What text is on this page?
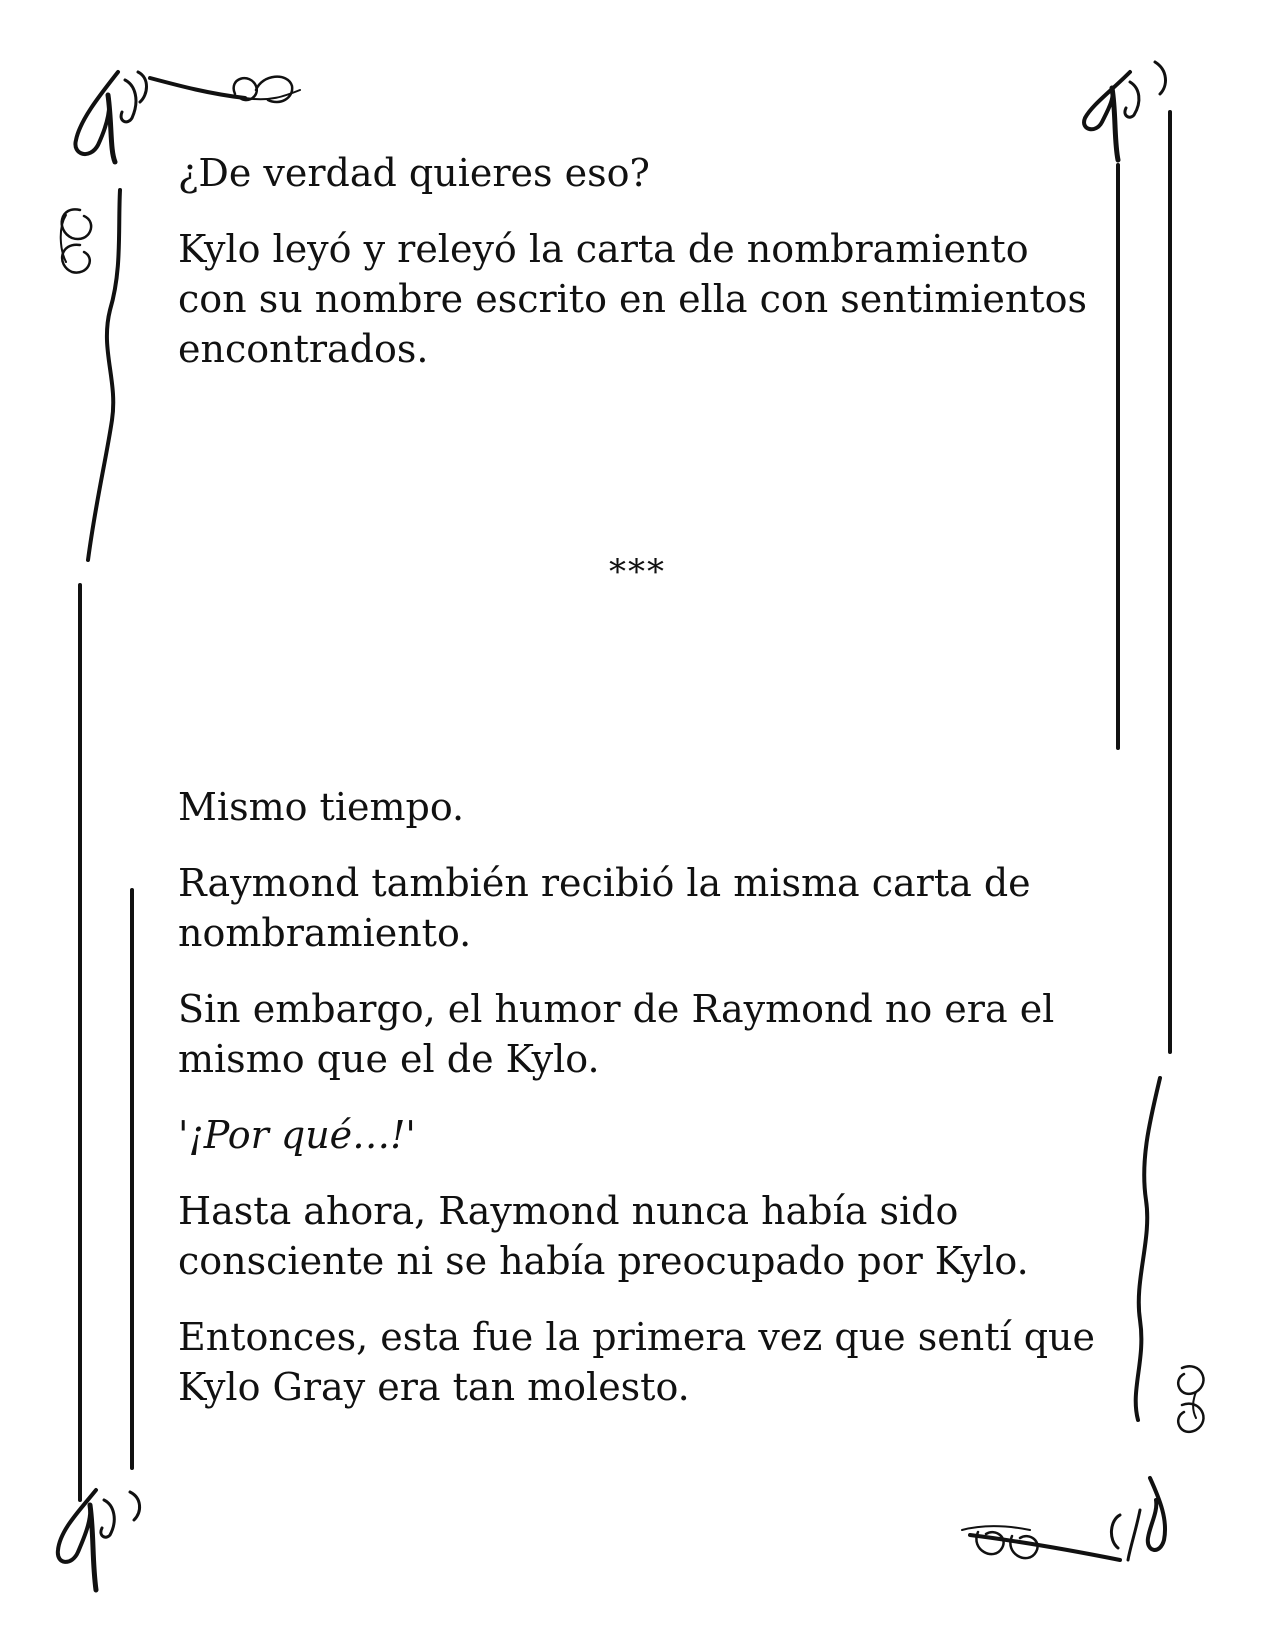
¿De verdad quieres eso?

Kylo leyó y releyó la carta de nombramiento con su nombre escrito en ella con sentimientos encontrados.

***

Mismo tiempo.

Raymond también recibió la misma carta de nombramiento.

Sin embargo, el humor de Raymond no era el mismo que el de Kylo.

'¡Por qué…!'

Hasta ahora, Raymond nunca había sido consciente ni se había preocupado por Kylo.

Entonces, esta fue la primera vez que sentí que Kylo Gray era tan molesto.
